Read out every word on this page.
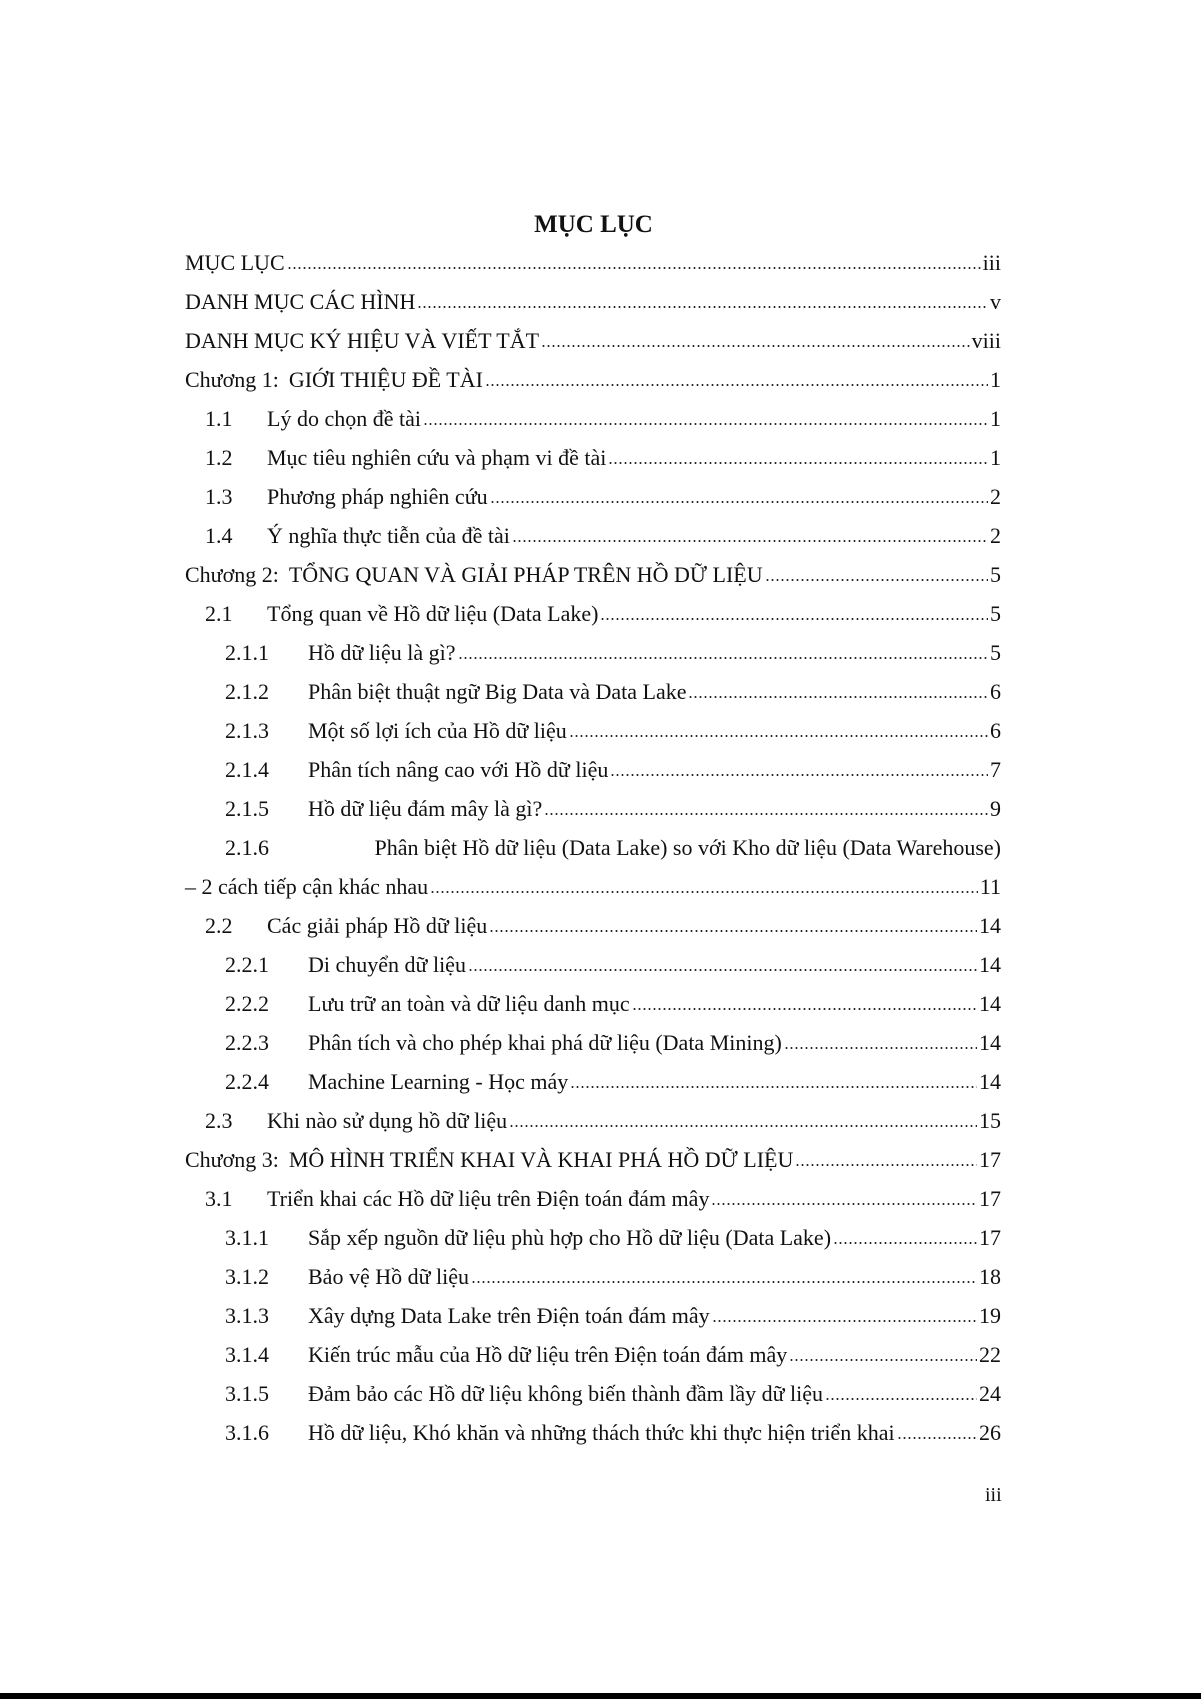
MỤC LỤC
MỤC LỤC	iii
DANH MỤC CÁC HÌNH	v
DANH MỤC KÝ HIỆU VÀ VIẾT TẮT	viii
Chương 1: GIỚI THIỆU ĐỀ TÀI	1
1.1	Lý do chọn đề tài	1
1.2	Mục tiêu nghiên cứu và phạm vi đề tài	1
1.3	Phương pháp nghiên cứu	2
1.4	Ý nghĩa thực tiễn của đề tài	2
Chương 2: TỔNG QUAN VÀ GIẢI PHÁP TRÊN HỒ DỮ LIỆU	5
2.1	Tổng quan về Hồ dữ liệu (Data Lake)	5
2.1.1	Hồ dữ liệu là gì?	5
2.1.2	Phân biệt thuật ngữ Big Data và Data Lake	6
2.1.3	Một số lợi ích của Hồ dữ liệu	6
2.1.4	Phân tích nâng cao với Hồ dữ liệu	7
2.1.5	Hồ dữ liệu đám mây là gì?	9
2.1.6	Phân biệt Hồ dữ liệu (Data Lake) so với Kho dữ liệu (Data Warehouse)
– 2 cách tiếp cận khác nhau	11
2.2	Các giải pháp Hồ dữ liệu	14
2.2.1	Di chuyển dữ liệu	14
2.2.2	Lưu trữ an toàn và dữ liệu danh mục	14
2.2.3	Phân tích và cho phép khai phá dữ liệu (Data Mining)	14
2.2.4	Machine Learning - Học máy	14
2.3	Khi nào sử dụng hồ dữ liệu	15
Chương 3: MÔ HÌNH TRIỂN KHAI VÀ KHAI PHÁ HỒ DỮ LIỆU	17
3.1	Triển khai các Hồ dữ liệu trên Điện toán đám mây	17
3.1.1	Sắp xếp nguồn dữ liệu phù hợp cho Hồ dữ liệu (Data Lake)	17
3.1.2	Bảo vệ Hồ dữ liệu	18
3.1.3	Xây dựng Data Lake trên Điện toán đám mây	19
3.1.4	Kiến trúc mẫu của Hồ dữ liệu trên Điện toán đám mây	22
3.1.5	Đảm bảo các Hồ dữ liệu không biến thành đầm lầy dữ liệu	24
3.1.6	Hồ dữ liệu, Khó khăn và những thách thức khi thực hiện triển khai	26
iii
